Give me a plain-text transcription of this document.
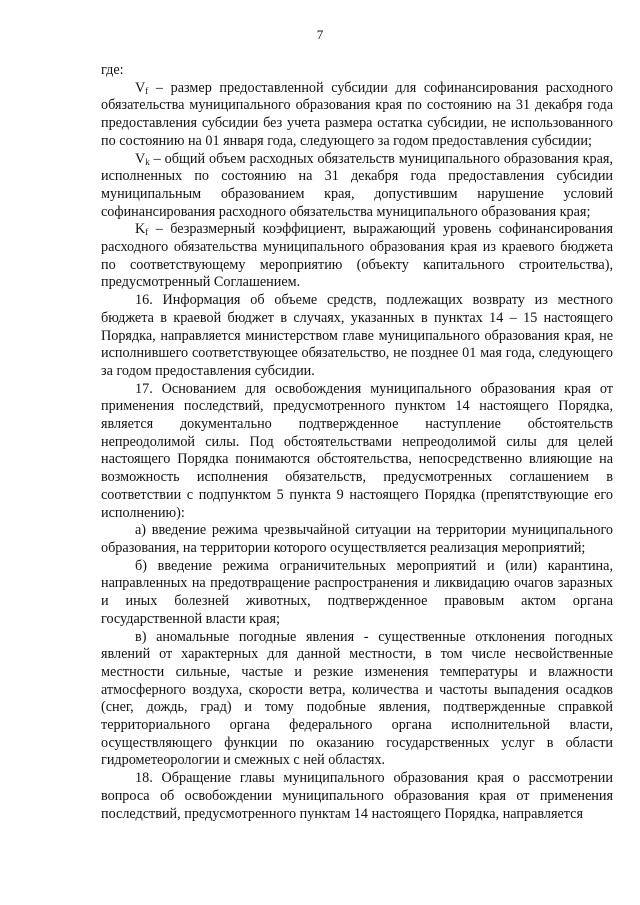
7

где:

$V_f$ – размер предоставленной субсидии для софинансирования расходного обязательства муниципального образования края по состоянию на 31 декабря года предоставления субсидии без учета размера остатка субсидии, не использованного по состоянию на 01 января года, следующего за годом предоставления субсидии;

$V_k$ – общий объем расходных обязательств муниципального образования края, исполненных по состоянию на 31 декабря года предоставления субсидии муниципальным образованием края, допустившим нарушение условий софинансирования расходного обязательства муниципального образования края;

$K_f$ – безразмерный коэффициент, выражающий уровень софинансирования расходного обязательства муниципального образования края из краевого бюджета по соответствующему мероприятию (объекту капитального строительства), предусмотренный Соглашением.

16. Информация об объеме средств, подлежащих возврату из местного бюджета в краевой бюджет в случаях, указанных в пунктах 14 – 15 настоящего Порядка, направляется министерством главе муниципального образования края, не исполнившего соответствующее обязательство, не позднее 01 мая года, следующего за годом предоставления субсидии.

17. Основанием для освобождения муниципального образования края от применения последствий, предусмотренного пунктом 14 настоящего Порядка, является документально подтвержденное наступление обстоятельств непреодолимой силы. Под обстоятельствами непреодолимой силы для целей настоящего Порядка понимаются обстоятельства, непосредственно влияющие на возможность исполнения обязательств, предусмотренных соглашением в соответствии с подпунктом 5 пункта 9 настоящего Порядка (препятствующие его исполнению):

а) введение режима чрезвычайной ситуации на территории муниципального образования, на территории которого осуществляется реализация мероприятий;

б) введение режима ограничительных мероприятий и (или) карантина, направленных на предотвращение распространения и ликвидацию очагов заразных и иных болезней животных, подтвержденное правовым актом органа государственной власти края;

в) аномальные погодные явления - существенные отклонения погодных явлений от характерных для данной местности, в том числе несвойственные местности сильные, частые и резкие изменения температуры и влажности атмосферного воздуха, скорости ветра, количества и частоты выпадения осадков (снег, дождь, град) и тому подобные явления, подтвержденные справкой территориального органа федерального органа исполнительной власти, осуществляющего функции по оказанию государственных услуг в области гидрометеорологии и смежных с ней областях.

18. Обращение главы муниципального образования края о рассмотрении вопроса об освобождении муниципального образования края от применения последствий, предусмотренного пунктам 14 настоящего Порядка, направляется
